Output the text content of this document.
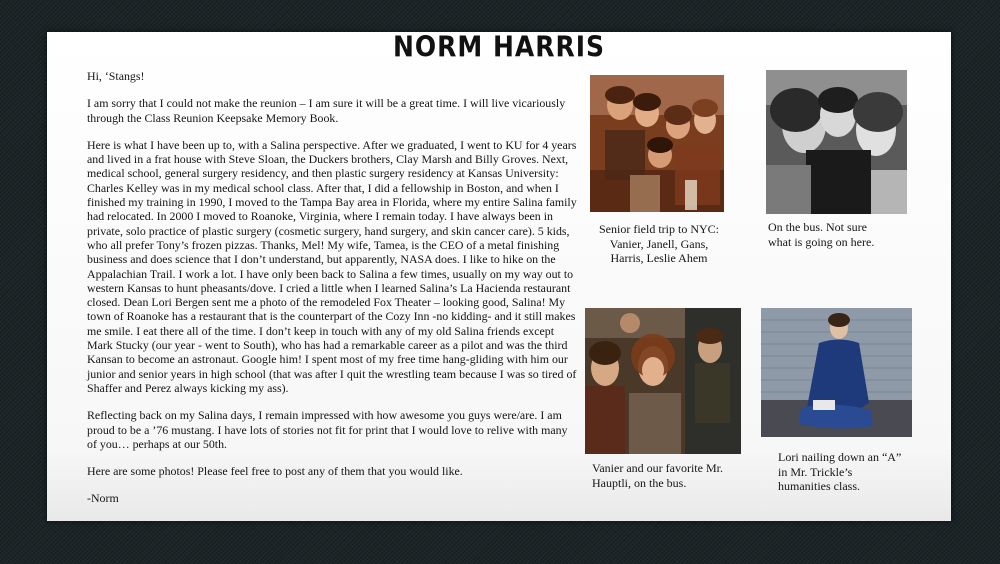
NORM HARRIS

Hi, ‘Stangs!

I am sorry that I could not make the reunion – I am sure it will be a great time. I will live vicariously through the Class Reunion Keepsake Memory Book.

Here is what I have been up to, with a Salina perspective. After we graduated, I went to KU for 4 years and lived in a frat house with Steve Sloan, the Duckers brothers, Clay Marsh and Billy Groves. Next, medical school, general surgery residency, and then plastic surgery residency at Kansas University: Charles Kelley was in my medical school class. After that, I did a fellowship in Boston, and when I finished my training in 1990, I moved to the Tampa Bay area in Florida, where my entire Salina family had relocated. In 2000 I moved to Roanoke, Virginia, where I remain today. I have always been in private, solo practice of plastic surgery (cosmetic surgery, hand surgery, and skin cancer care). 5 kids, who all prefer Tony’s frozen pizzas. Thanks, Mel! My wife, Tamea, is the CEO of a metal finishing business and does science that I don’t understand, but apparently, NASA does. I like to hike on the Appalachian Trail. I work a lot. I have only been back to Salina a few times, usually on my way out to western Kansas to hunt pheasants/dove. I cried a little when I learned Salina’s La Hacienda restaurant closed. Dean Lori Bergen sent me a photo of the remodeled Fox Theater – looking good, Salina! My town of Roanoke has a restaurant that is the counterpart of the Cozy Inn -no kidding- and it still makes me smile. I eat there all of the time. I don’t keep in touch with any of my old Salina friends except Mark Stucky (our year - went to South), who has had a remarkable career as a pilot and was the third Kansan to become an astronaut. Google him! I spent most of my free time hang-gliding with him our junior and senior years in high school (that was after I quit the wrestling team because I was so tired of Shaffer and Perez always kicking my ass).

Reflecting back on my Salina days, I remain impressed with how awesome you guys were/are. I am proud to be a ’76 mustang. I have lots of stories not fit for print that I would love to relive with many of you… perhaps at our 50th.

Here are some photos! Please feel free to post any of them that you would like.

-Norm

Senior field trip to NYC: Vanier, Janell, Gans, Harris, Leslie Ahem
On the bus. Not sure what is going on here.
Vanier and our favorite Mr. Hauptli, on the bus.
Lori nailing down an “A” in Mr. Trickle’s humanities class.
